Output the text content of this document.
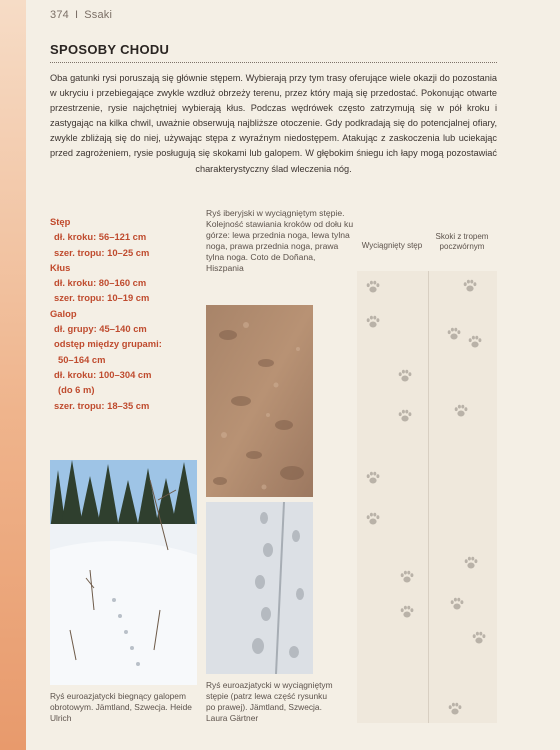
374 I Ssaki
SPOSOBY CHODU
Oba gatunki rysi poruszają się głównie stępem. Wybierają przy tym trasy oferujące wiele okazji do pozostania w ukryciu i przebiegające zwykle wzdłuż obrzeży terenu, przez który mają się przedostać. Pokonując otwarte przestrzenie, rysie najchętniej wybierają kłus. Podczas wędrówek często zatrzymują się w pół kroku i zastygając na kilka chwil, uważnie obserwują najbliższe otoczenie. Gdy podkradają się do potencjalnej ofiary, zwykle zbliżają się do niej, używając stępa z wyraźnym niedostępem. Atakując z zaskoczenia lub uciekając przed zagrożeniem, rysie posługują się skokami lub galopem. W głębokim śniegu ich łapy mogą pozostawiać charakterystyczny ślad wleczenia nóg.
Stęp
dł. kroku: 56–121 cm
szer. tropu: 10–25 cm
Kłus
dł. kroku: 80–160 cm
szer. tropu: 10–19 cm
Galop
dł. grupy: 45–140 cm
odstęp między grupami:
50–164 cm
dł. kroku: 100–304 cm
(do 6 m)
szer. tropu: 18–35 cm
Ryś iberyjski w wyciągniętym stępie. Kolejność stawiania kroków od dołu ku górze: lewa przednia noga, lewa tylna noga, prawa przednia noga, prawa tylna noga. Coto de Doñana, Hiszpania
Ryś euroazjatycki biegnący galopem obrotowym. Jämtland, Szwecja. Heide Ulrich
Ryś euroazjatycki w wyciągniętym stępie (patrz lewa część rysunku po prawej). Jämtland, Szwecja. Laura Gärtner
Wyciągnięty stęp
Skoki z tropem poczwórnym
